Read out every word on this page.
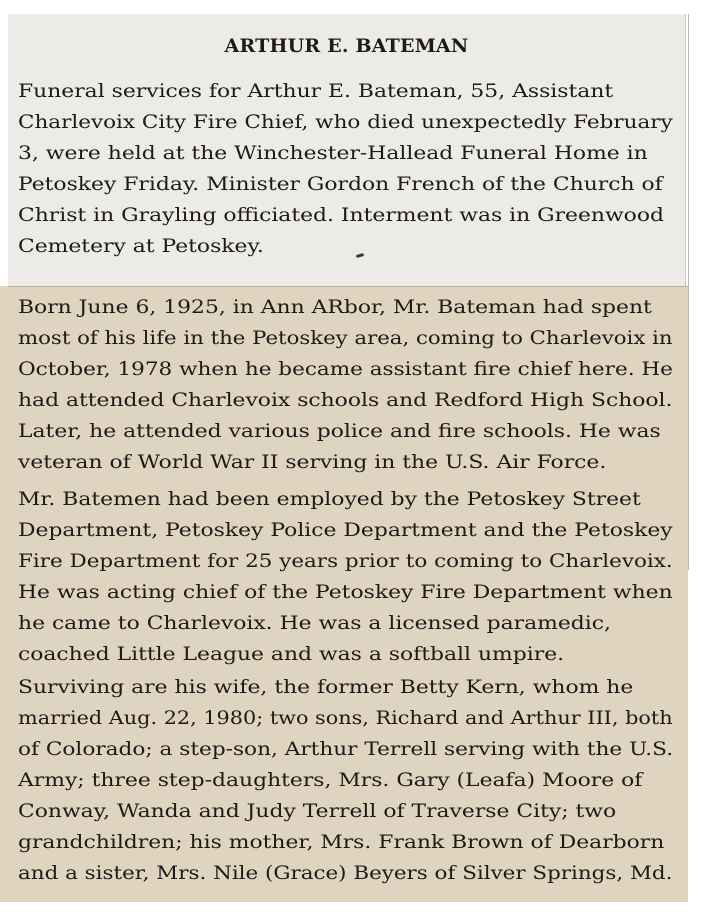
ARTHUR E. BATEMAN
Funeral services for Arthur E. Bateman, 55, Assistant
Charlevoix City Fire Chief, who died unexpectedly February
3, were held at the Winchester-Hallead Funeral Home in
Petoskey Friday. Minister Gordon French of the Church of
Christ in Grayling officiated. Interment was in Greenwood
Cemetery at Petoskey.
Born June 6, 1925, in Ann ARbor, Mr. Bateman had spent
most of his life in the Petoskey area, coming to Charlevoix in
October, 1978 when he became assistant fire chief here. He
had attended Charlevoix schools and Redford High School.
Later, he attended various police and fire schools. He was
veteran of World War II serving in the U.S. Air Force.
Mr. Batemen had been employed by the Petoskey Street
Department, Petoskey Police Department and the Petoskey
Fire Department for 25 years prior to coming to Charlevoix.
He was acting chief of the Petoskey Fire Department when
he came to Charlevoix. He was a licensed paramedic,
coached Little League and was a softball umpire.
Surviving are his wife, the former Betty Kern, whom he
married Aug. 22, 1980; two sons, Richard and Arthur III, both
of Colorado; a step-son, Arthur Terrell serving with the U.S.
Army; three step-daughters, Mrs. Gary (Leafa) Moore of
Conway, Wanda and Judy Terrell of Traverse City; two
grandchildren; his mother, Mrs. Frank Brown of Dearborn
and a sister, Mrs. Nile (Grace) Beyers of Silver Springs, Md.
